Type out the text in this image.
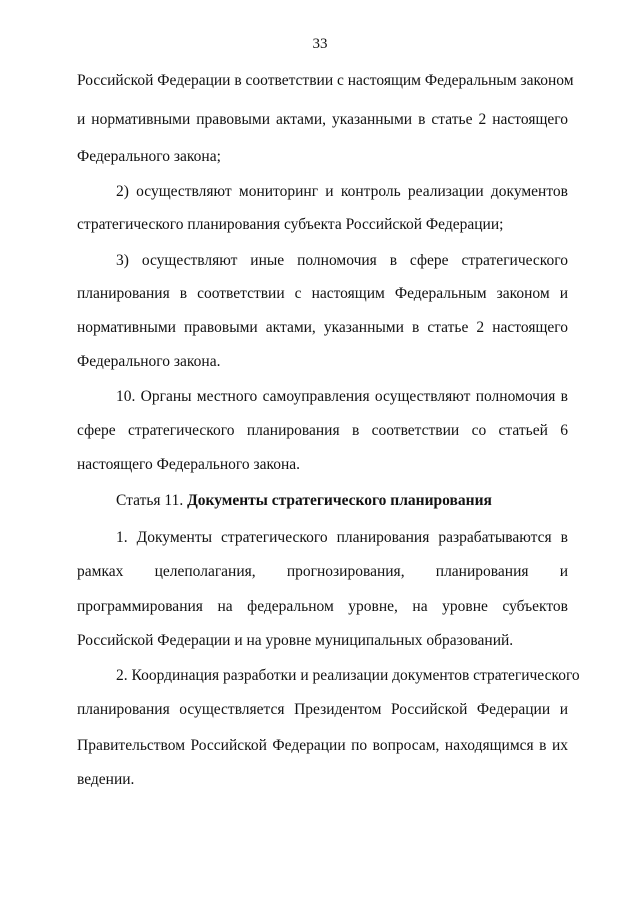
33
Российской Федерации в соответствии с настоящим Федеральным законом
и нормативными правовыми актами, указанными в статье 2 настоящего
Федерального закона;
2) осуществляют мониторинг и контроль реализации документов
стратегического планирования субъекта Российской Федерации;
3) осуществляют иные полномочия в сфере стратегического
планирования в соответствии с настоящим Федеральным законом и
нормативными правовыми актами, указанными в статье 2 настоящего
Федерального закона.
10. Органы местного самоуправления осуществляют полномочия в
сфере стратегического планирования в соответствии со статьей 6
настоящего Федерального закона.
Статья 11. Документы стратегического планирования
1. Документы стратегического планирования разрабатываются в
рамках целеполагания, прогнозирования, планирования и
программирования на федеральном уровне, на уровне субъектов
Российской Федерации и на уровне муниципальных образований.
2. Координация разработки и реализации документов стратегического
планирования осуществляется Президентом Российской Федерации и
Правительством Российской Федерации по вопросам, находящимся в их
ведении.
